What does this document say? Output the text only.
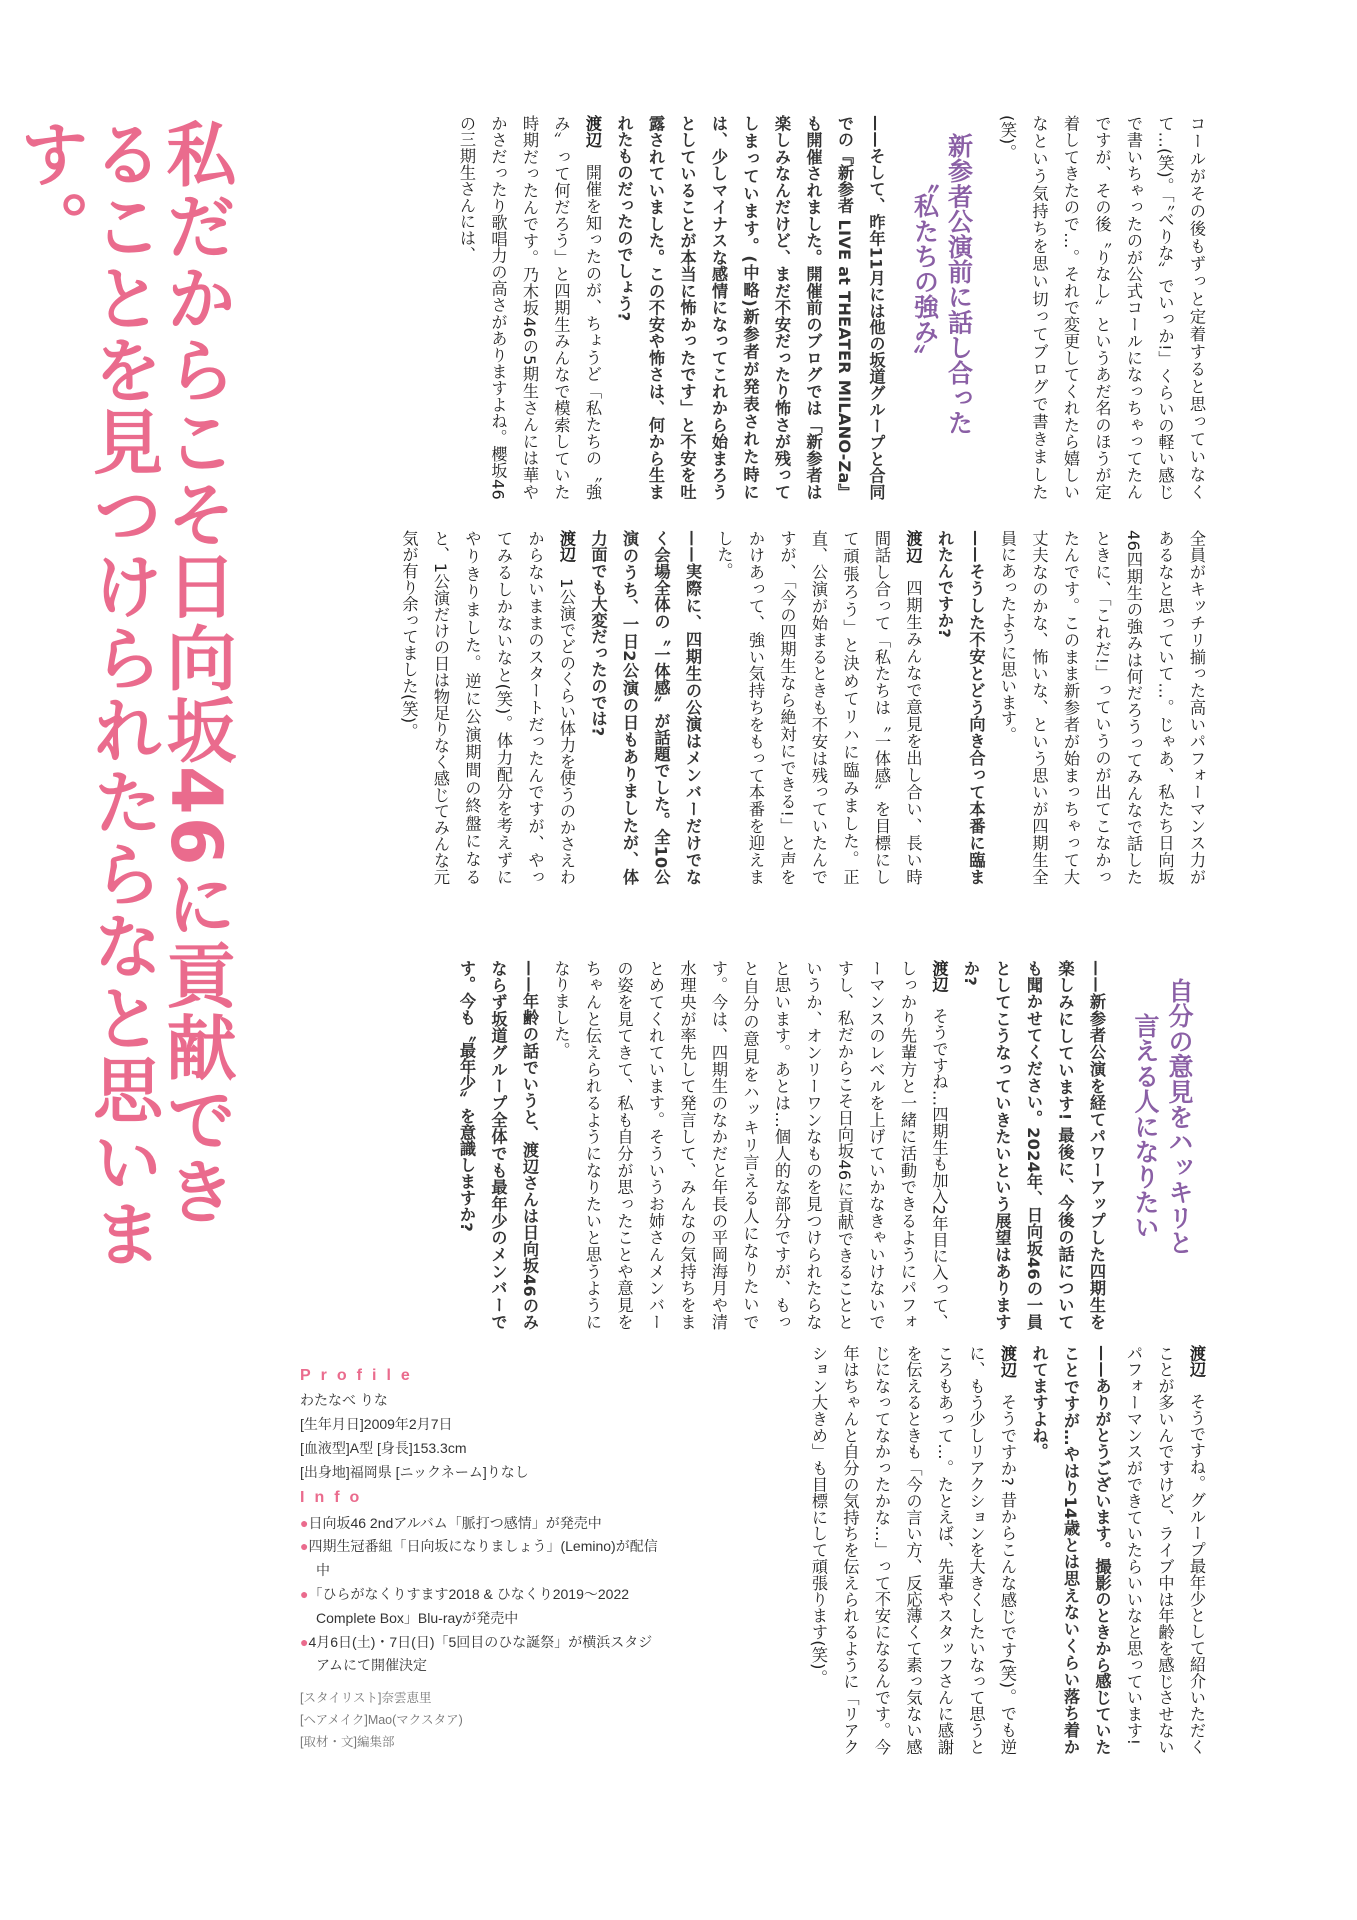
私だからこそ日向坂46に貢献できることを見つけられたらなと思います。	コールがその後もずっと定着すると思っていなくて…(笑)。「〝べりな〟でいっか!」くらいの軽い感じで書いちゃったのが公式コールになっちゃってたんですが、その後〝りなし〟というあだ名のほうが定着してきたので…。それで変更してくれたら嬉しいなという気持ちを思い切ってブログで書きました(笑)。

新参者公演前に話し合った
〝私たちの強み〟

——そして、昨年11月には他の坂道グループと合同での『新参者 LIVE at THEATER MILANO-Za』も開催されました。開催前のブログでは「新参者は楽しみなんだけど、まだ不安だったり怖さが残ってしまっています。(中略)新参者が発表された時には、少しマイナスな感情になってこれから始まろうとしていることが本当に怖かったです」と不安を吐露されていました。この不安や怖さは、何から生まれたものだったのでしょう?

渡辺 開催を知ったのが、ちょうど「私たちの〝強み〟って何だろう」と四期生みんなで模索していた時期だったんです。乃木坂46の5期生さんには華やかさだったり歌唱力の高さがありますよね。櫻坂46の三期生さんには、

全員がキッチリ揃った高いパフォーマンス力があるなと思っていて…。じゃあ、私たち日向坂46四期生の強みは何だろうってみんなで話したときに、「これだ!」っていうのが出てこなかったんです。このまま新参者が始まっちゃって大丈夫なのかな、怖いな、という思いが四期生全員にあったように思います。

——そうした不安とどう向き合って本番に臨まれたんですか?

渡辺 四期生みんなで意見を出し合い、長い時間話し合って「私たちは〝一体感〟を目標にして頑張ろう」と決めてリハに臨みました。正直、公演が始まるときも不安は残っていたんですが、「今の四期生なら絶対にできる!」と声をかけあって、強い気持ちをもって本番を迎えました。

——実際に、四期生の公演はメンバーだけでなく会場全体の〝一体感〟が話題でした。全10公演のうち、一日2公演の日もありましたが、体力面でも大変だったのでは?

渡辺 1公演でどのくらい体力を使うのかさえわからないままのスタートだったんですが、やってみるしかないなと(笑)。体力配分を考えずにやりきりました。逆に公演期間の終盤になると、1公演だけの日は物足りなく感じてみんな元気が有り余ってました(笑)。

自分の意見をハッキリと
言える人になりたい

——新参者公演を経てパワーアップした四期生を楽しみにしています! 最後に、今後の話についても聞かせてください。2024年、日向坂46の一員としてこうなっていきたいという展望はありますか?

渡辺 そうですね…四期生も加入2年目に入って、しっかり先輩方と一緒に活動できるようにパフォーマンスのレベルを上げていかなきゃいけないですし、私だからこそ日向坂46に貢献できることというか、オンリーワンなものを見つけられたらなと思います。あとは…個人的な部分ですが、もっと自分の意見をハッキリ言える人になりたいです。今は、四期生のなかだと年長の平岡海月や清水理央が率先して発言して、みんなの気持ちをまとめてくれています。そういうお姉さんメンバーの姿を見てきて、私も自分が思ったことや意見をちゃんと伝えられるようになりたいと思うようになりました。

——年齢の話でいうと、渡辺さんは日向坂46のみならず坂道グループ全体でも最年少のメンバーです。今も〝最年少〟を意識しますか?

渡辺 そうですね。グループ最年少として紹介いただくことが多いんですけど、ライブ中は年齢を感じさせないパフォーマンスができていたらいいなと思っています!

——ありがとうございます。撮影のときから感じていたことですが…やはり14歳とは思えないくらい落ち着かれてますよね。

渡辺 そうですか? 昔からこんな感じです(笑)。でも逆に、もう少しリアクションを大きくしたいなって思うところもあって…。たとえば、先輩やスタッフさんに感謝を伝えるときも「今の言い方、反応薄くて素っ気ない感じになってなかったかな…」って不安になるんです。今年はちゃんと自分の気持ちを伝えられるように「リアクション大きめ」も目標にして頑張ります(笑)。

Profile
わたなべ りな
[生年月日]2009年2月7日
[血液型]A型 [身長]153.3cm
[出身地]福岡県 [ニックネーム]りなし
Info
●日向坂46 2ndアルバム「脈打つ感情」が発売中
●四期生冠番組「日向坂になりましょう」(Lemino)が配信中
●「ひらがなくりすます2018 & ひなくり2019〜2022 Complete Box」Blu-rayが発売中
●4月6日(土)・7日(日)「5回目のひな誕祭」が横浜スタジアムにて開催決定
[スタイリスト]奈雲恵里
[ヘアメイク]Mao(マクスタア)
[取材・文]編集部
